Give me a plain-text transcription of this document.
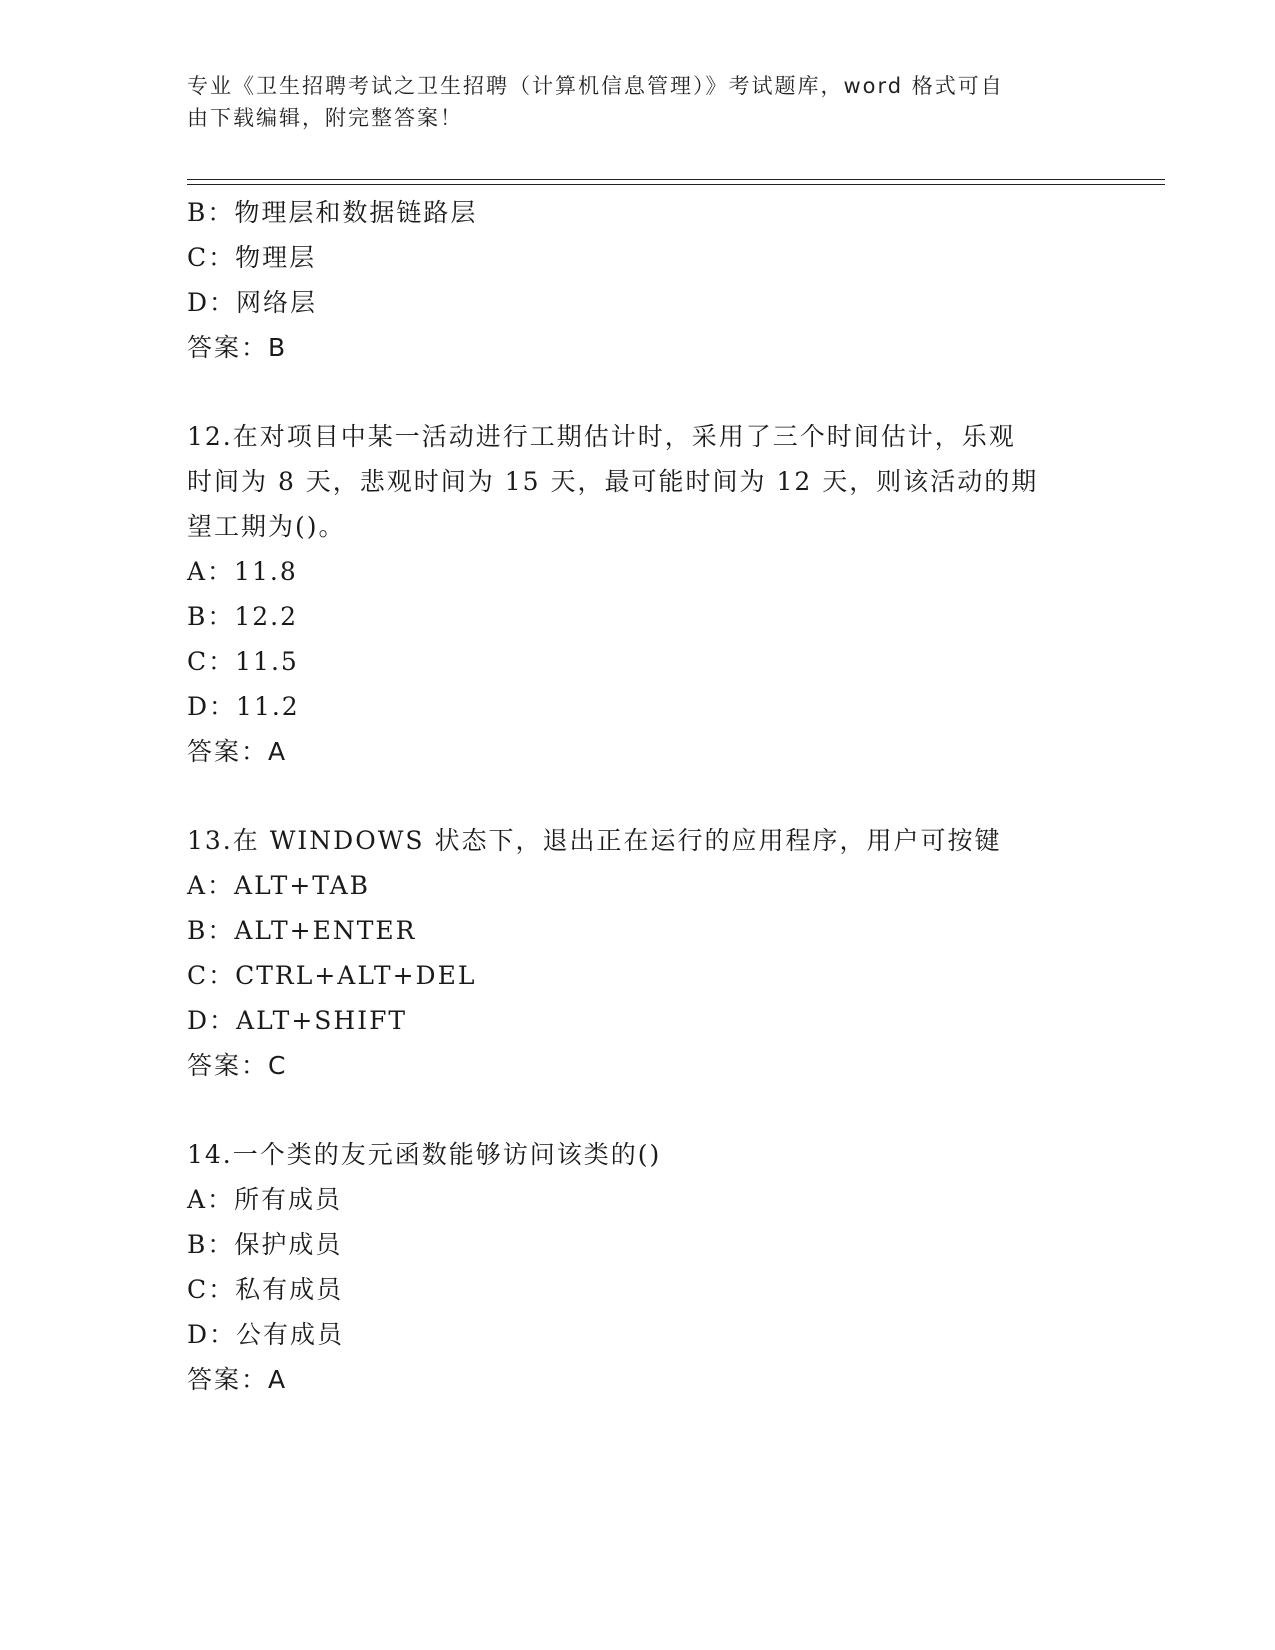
专业《卫生招聘考试之卫生招聘（计算机信息管理）》考试题库，word 格式可自
由下载编辑，附完整答案！
B：物理层和数据链路层
C：物理层
D：网络层
答案：B
12.在对项目中某一活动进行工期估计时，采用了三个时间估计，乐观
时间为 8 天，悲观时间为 15 天，最可能时间为 12 天，则该活动的期
望工期为()。
A：11.8
B：12.2
C：11.5
D：11.2
答案：A
13.在 WINDOWS 状态下，退出正在运行的应用程序，用户可按键
A：ALT+TAB
B：ALT+ENTER
C：CTRL+ALT+DEL
D：ALT+SHIFT
答案：C
14.一个类的友元函数能够访问该类的()
A：所有成员
B：保护成员
C：私有成员
D：公有成员
答案：A
